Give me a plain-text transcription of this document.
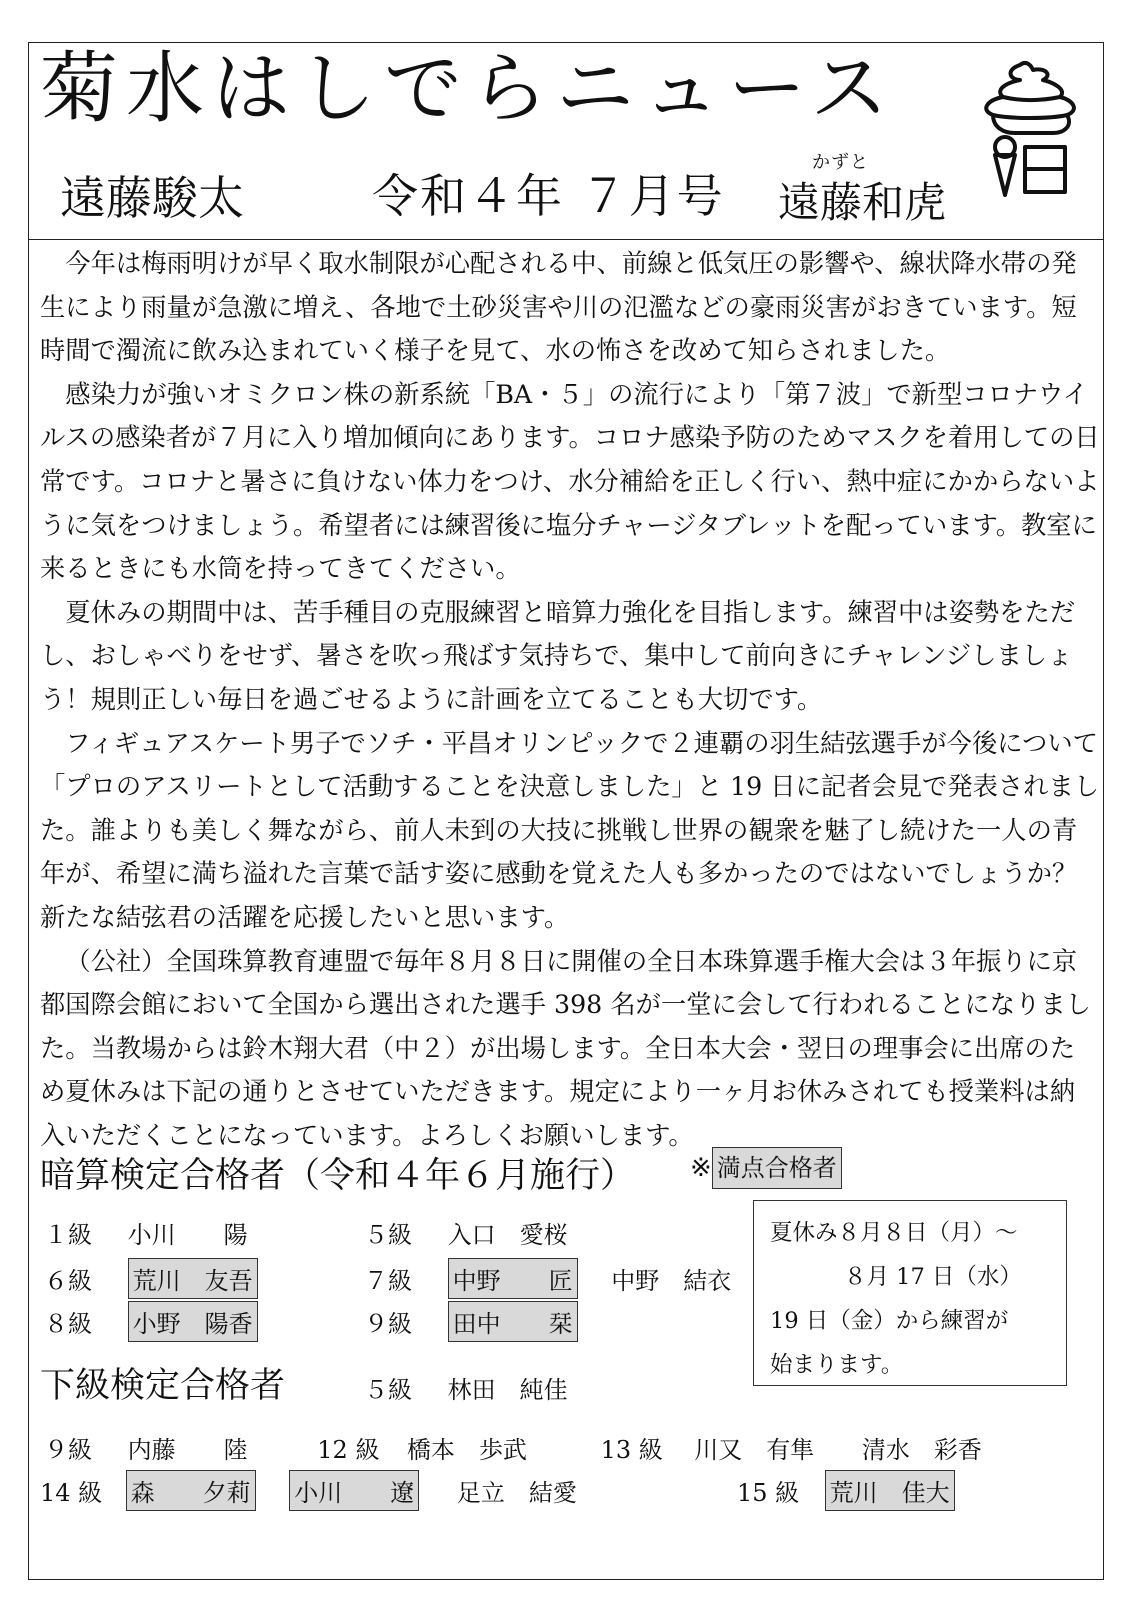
菊水はしでらニュース
遠藤駿太	令和４年 ７月号
かずと
遠藤和虎

今年は梅雨明けが早く取水制限が心配される中、前線と低気圧の影響や、線状降水帯の発生により雨量が急激に増え、各地で土砂災害や川の氾濫などの豪雨災害がおきています。短時間で濁流に飲み込まれていく様子を見て、水の怖さを改めて知らされました。

感染力が強いオミクロン株の新系統「BA・５」の流行により「第７波」で新型コロナウイルスの感染者が７月に入り増加傾向にあります。コロナ感染予防のためマスクを着用しての日常です。コロナと暑さに負けない体力をつけ、水分補給を正しく行い、熱中症にかからないように気をつけましょう。希望者には練習後に塩分チャージタブレットを配っています。教室に来るときにも水筒を持ってきてください。

夏休みの期間中は、苦手種目の克服練習と暗算力強化を目指します。練習中は姿勢をただし、おしゃべりをせず、暑さを吹っ飛ばす気持ちで、集中して前向きにチャレンジしましょう！規則正しい毎日を過ごせるように計画を立てることも大切です。

フィギュアスケート男子でソチ・平昌オリンピックで２連覇の羽生結弦選手が今後について「プロのアスリートとして活動することを決意しました」と 19 日に記者会見で発表されました。誰よりも美しく舞ながら、前人未到の大技に挑戦し世界の観衆を魅了し続けた一人の青年が、希望に満ち溢れた言葉で話す姿に感動を覚えた人も多かったのではないでしょうか？新たな結弦君の活躍を応援したいと思います。

（公社）全国珠算教育連盟で毎年８月８日に開催の全日本珠算選手権大会は３年振りに京都国際会館において全国から選出された選手 398 名が一堂に会して行われることになりました。当教場からは鈴木翔大君（中２）が出場します。全日本大会・翌日の理事会に出席のため夏休みは下記の通りとさせていただきます。規定により一ヶ月お休みされても授業料は納入いただくことになっています。よろしくお願いします。

暗算検定合格者（令和４年６月施行） ※ 満点合格者
１級 小川　　陽	５級 入口　愛桜
６級 荒川　友吾	７級 中野　　匠 中野　結衣
８級 小野　陽香	９級 田中　　栞
夏休み８月８日（月）～
８月 17 日（水）
19 日（金）から練習が
始まります。
下級検定合格者	５級 林田　純佳
９級 内藤　　陸	12 級 橋本　歩武	13 級 川又　有隼 清水　彩香
14 級 森　　夕莉 小川　　遼 足立　結愛	15 級 荒川　佳大
